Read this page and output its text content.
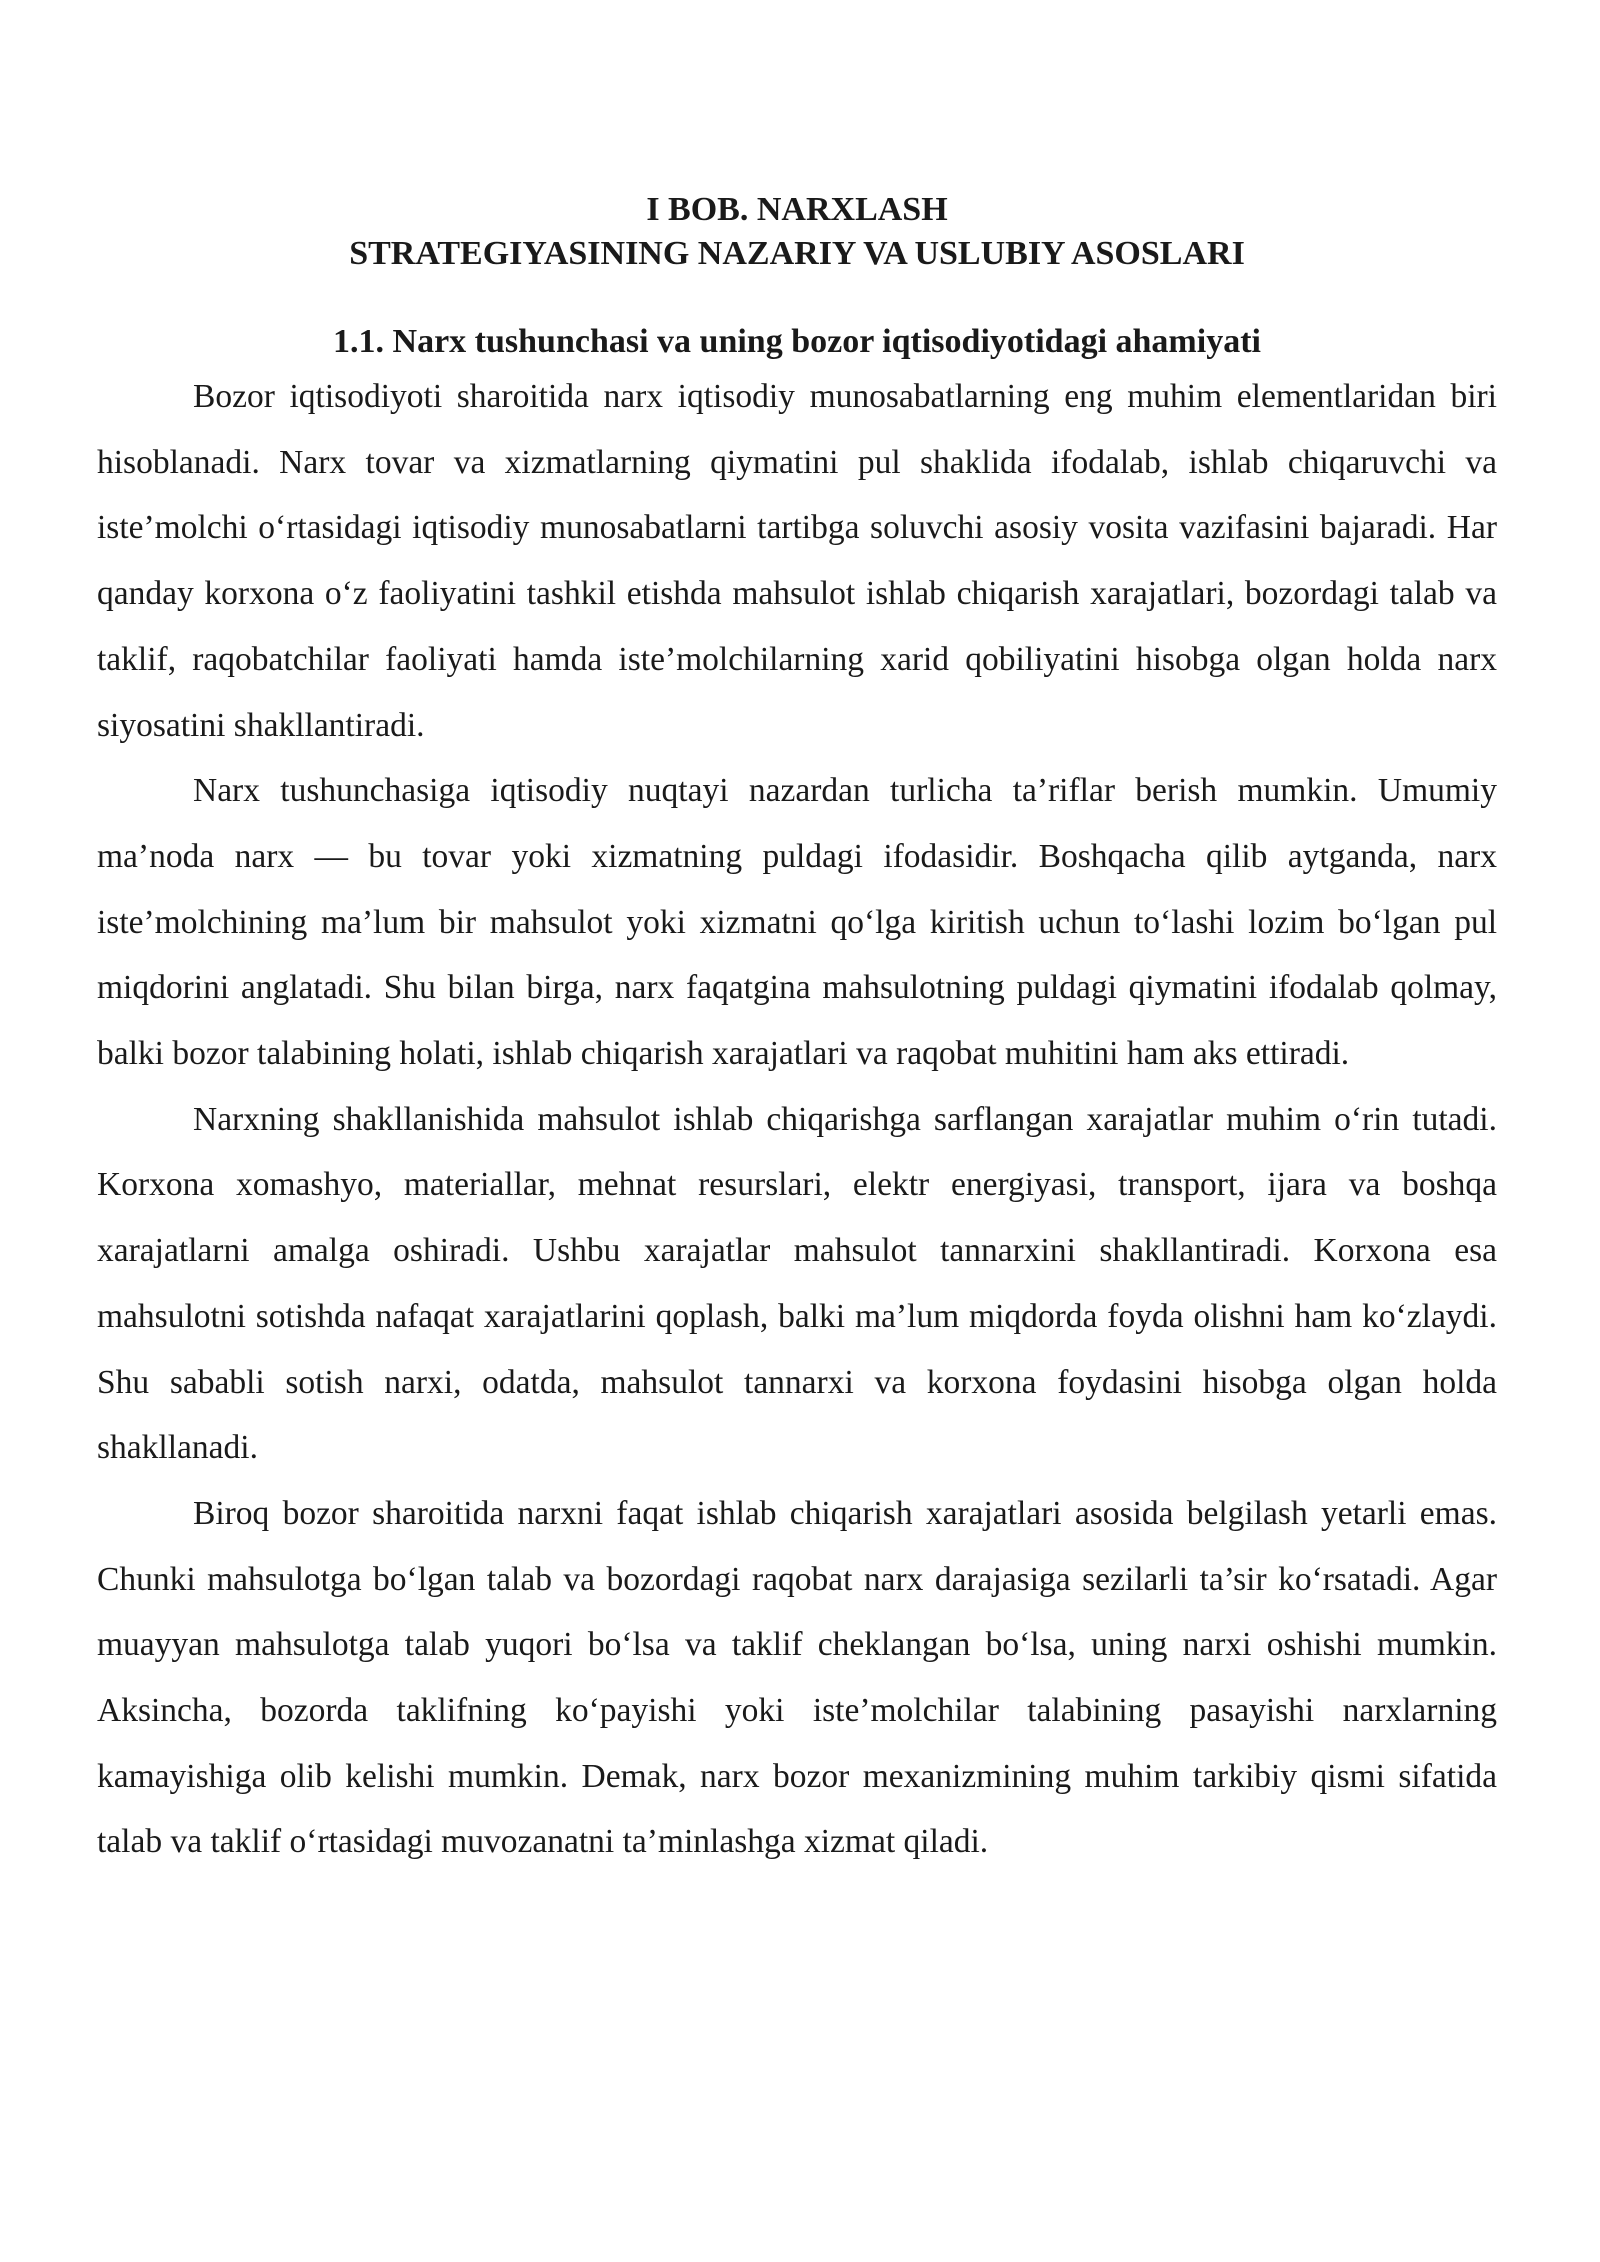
I BOB. NARXLASH
STRATEGIYASINING NAZARIY VA USLUBIY ASOSLARI
1.1. Narx tushunchasi va uning bozor iqtisodiyotidagi ahamiyati

Bozor iqtisodiyoti sharoitida narx iqtisodiy munosabatlarning eng muhim elementlaridan biri hisoblanadi. Narx tovar va xizmatlarning qiymatini pul shaklida ifodalab, ishlab chiqaruvchi va iste’molchi o‘rtasidagi iqtisodiy munosabatlarni tartibga soluvchi asosiy vosita vazifasini bajaradi. Har qanday korxona o‘z faoliyatini tashkil etishda mahsulot ishlab chiqarish xarajatlari, bozordagi talab va taklif, raqobatchilar faoliyati hamda iste’molchilarning xarid qobiliyatini hisobga olgan holda narx siyosatini shakllantiradi.

Narx tushunchasiga iqtisodiy nuqtayi nazardan turlicha ta’riflar berish mumkin. Umumiy ma’noda narx — bu tovar yoki xizmatning puldagi ifodasidir. Boshqacha qilib aytganda, narx iste’molchining ma’lum bir mahsulot yoki xizmatni qo‘lga kiritish uchun to‘lashi lozim bo‘lgan pul miqdorini anglatadi. Shu bilan birga, narx faqatgina mahsulotning puldagi qiymatini ifodalab qolmay, balki bozor talabining holati, ishlab chiqarish xarajatlari va raqobat muhitini ham aks ettiradi.

Narxning shakllanishida mahsulot ishlab chiqarishga sarflangan xarajatlar muhim o‘rin tutadi. Korxona xomashyo, materiallar, mehnat resurslari, elektr energiyasi, transport, ijara va boshqa xarajatlarni amalga oshiradi. Ushbu xarajatlar mahsulot tannarxini shakllantiradi. Korxona esa mahsulotni sotishda nafaqat xarajatlarini qoplash, balki ma’lum miqdorda foyda olishni ham ko‘zlaydi. Shu sababli sotish narxi, odatda, mahsulot tannarxi va korxona foydasini hisobga olgan holda shakllanadi.

Biroq bozor sharoitida narxni faqat ishlab chiqarish xarajatlari asosida belgilash yetarli emas. Chunki mahsulotga bo‘lgan talab va bozordagi raqobat narx darajasiga sezilarli ta’sir ko‘rsatadi. Agar muayyan mahsulotga talab yuqori bo‘lsa va taklif cheklangan bo‘lsa, uning narxi oshishi mumkin. Aksincha, bozorda taklifning ko‘payishi yoki iste’molchilar talabining pasayishi narxlarning kamayishiga olib kelishi mumkin. Demak, narx bozor mexanizmining muhim tarkibiy qismi sifatida talab va taklif o‘rtasidagi muvozanatni ta’minlashga xizmat qiladi.
